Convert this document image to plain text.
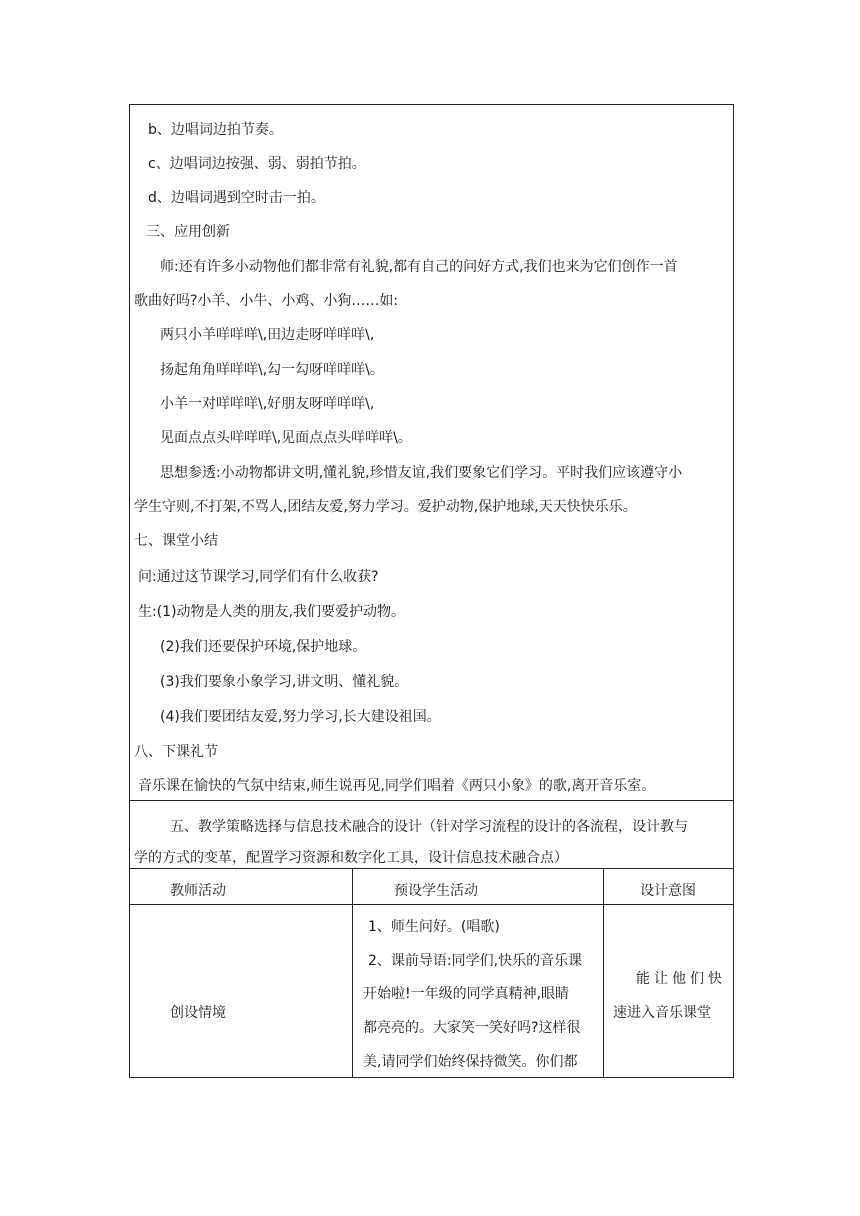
b、边唱词边拍节奏。
c、边唱词边按强、弱、弱拍节拍。
d、边唱词遇到空时击一拍。
三、应用创新
师:还有许多小动物他们都非常有礼貌,都有自己的问好方式,我们也来为它们创作一首
歌曲好吗?小羊、小牛、小鸡、小狗……如:
两只小羊咩咩咩\,田边走呀咩咩咩\,
扬起角角咩咩咩\,勾一勾呀咩咩咩\。
小羊一对咩咩咩\,好朋友呀咩咩咩\,
见面点点头咩咩咩\,见面点点头咩咩咩\。
思想参透:小动物都讲文明,懂礼貌,珍惜友谊,我们要象它们学习。平时我们应该遵守小
学生守则,不打架,不骂人,团结友爱,努力学习。爱护动物,保护地球,天天快快乐乐。
七、课堂小结
问:通过这节课学习,同学们有什么收获?
生:(1)动物是人类的朋友,我们要爱护动物。
(2)我们还要保护环境,保护地球。
(3)我们要象小象学习,讲文明、懂礼貌。
(4)我们要团结友爱,努力学习,长大建设祖国。
八、下课礼节
音乐课在愉快的气氛中结束,师生说再见,同学们唱着《两只小象》的歌,离开音乐室。
五、教学策略选择与信息技术融合的设计（针对学习流程的设计的各流程，设计教与
学的方式的变革，配置学习资源和数字化工具，设计信息技术融合点）
教师活动	预设学生活动	设计意图
创设情境
1、师生问好。(唱歌)
2、课前导语:同学们,快乐的音乐课
开始啦!一年级的同学真精神,眼睛
都亮亮的。大家笑一笑好吗?这样很
美,请同学们始终保持微笑。你们都
能让他们快
速进入音乐课堂
